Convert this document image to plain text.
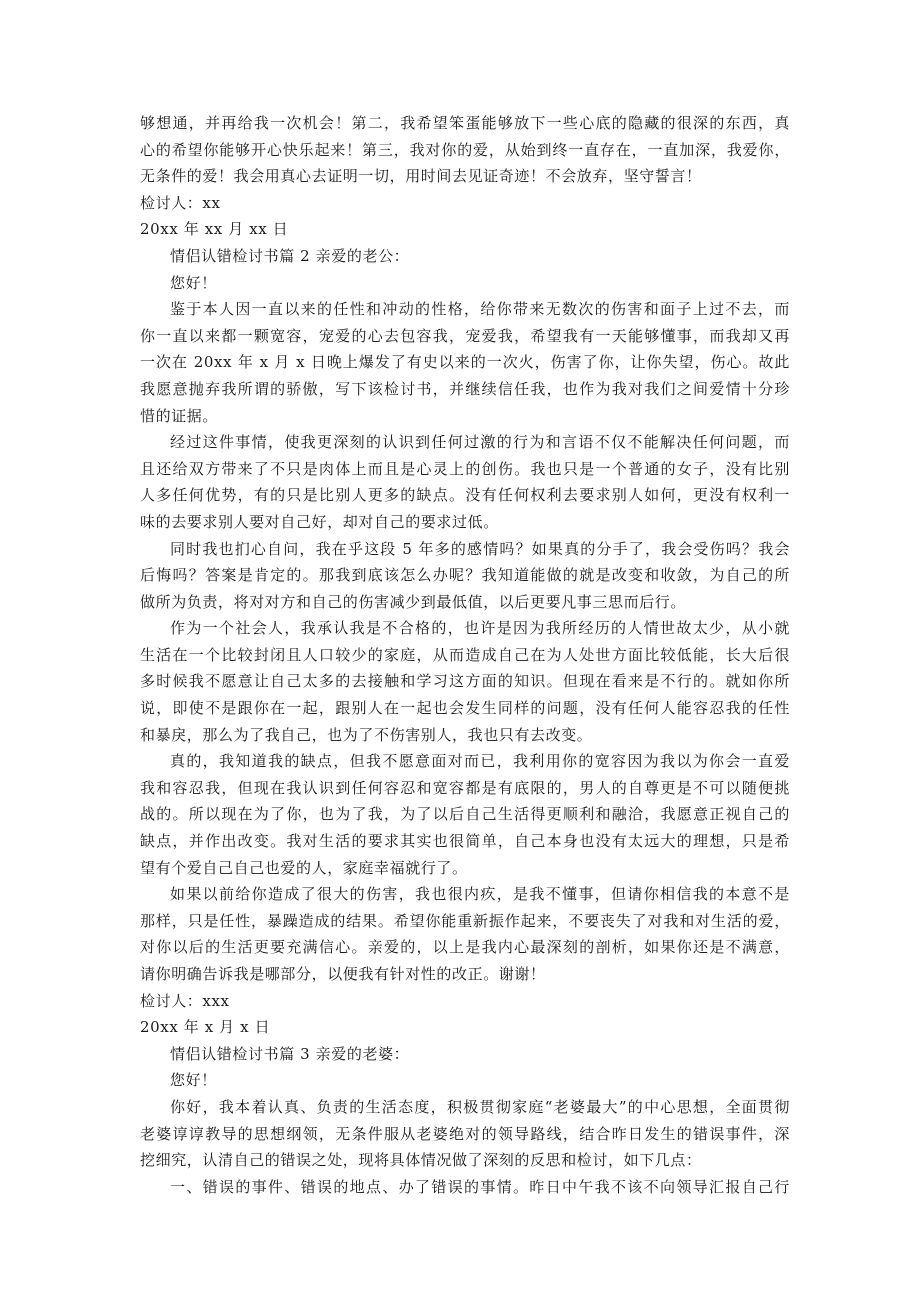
够想通，并再给我一次机会！第二，我希望笨蛋能够放下一些心底的隐藏的很深的东西，真
心的希望你能够开心快乐起来！第三，我对你的爱，从始到终一直存在，一直加深，我爱你，
无条件的爱！我会用真心去证明一切，用时间去见证奇迹！不会放弃，坚守誓言！
检讨人：xx
20xx 年 xx 月 xx 日
情侣认错检讨书篇 2 亲爱的老公：
您好！
鉴于本人因一直以来的任性和冲动的性格，给你带来无数次的伤害和面子上过不去，而
你一直以来都一颗宽容，宠爱的心去包容我，宠爱我，希望我有一天能够懂事，而我却又再
一次在 20xx 年 x 月 x 日晚上爆发了有史以来的一次火，伤害了你，让你失望，伤心。故此
我愿意抛弃我所谓的骄傲，写下该检讨书，并继续信任我，也作为我对我们之间爱情十分珍
惜的证据。
经过这件事情，使我更深刻的认识到任何过激的行为和言语不仅不能解决任何问题，而
且还给双方带来了不只是肉体上而且是心灵上的创伤。我也只是一个普通的女子，没有比别
人多任何优势，有的只是比别人更多的缺点。没有任何权利去要求别人如何，更没有权利一
味的去要求别人要对自己好，却对自己的要求过低。
同时我也扪心自问，我在乎这段 5 年多的感情吗？如果真的分手了，我会受伤吗？我会
后悔吗？答案是肯定的。那我到底该怎么办呢？我知道能做的就是改变和收敛，为自己的所
做所为负责，将对对方和自己的伤害减少到最低值，以后更要凡事三思而后行。
作为一个社会人，我承认我是不合格的，也许是因为我所经历的人情世故太少，从小就
生活在一个比较封闭且人口较少的家庭，从而造成自己在为人处世方面比较低能，长大后很
多时候我不愿意让自己太多的去接触和学习这方面的知识。但现在看来是不行的。就如你所
说，即使不是跟你在一起，跟别人在一起也会发生同样的问题，没有任何人能容忍我的任性
和暴戾，那么为了我自己，也为了不伤害别人，我也只有去改变。
真的，我知道我的缺点，但我不愿意面对而已，我利用你的宽容因为我以为你会一直爱
我和容忍我，但现在我认识到任何容忍和宽容都是有底限的，男人的自尊更是不可以随便挑
战的。所以现在为了你，也为了我，为了以后自己生活得更顺利和融洽，我愿意正视自己的
缺点，并作出改变。我对生活的要求其实也很简单，自己本身也没有太远大的理想，只是希
望有个爱自己自己也爱的人，家庭幸福就行了。
如果以前给你造成了很大的伤害，我也很内疚，是我不懂事，但请你相信我的本意不是
那样，只是任性，暴躁造成的结果。希望你能重新振作起来，不要丧失了对我和对生活的爱，
对你以后的生活更要充满信心。亲爱的，以上是我内心最深刻的剖析，如果你还是不满意，
请你明确告诉我是哪部分，以便我有针对性的改正。谢谢！
检讨人：xxx
20xx 年 x 月 x 日
情侣认错检讨书篇 3 亲爱的老婆：
您好！
你好，我本着认真、负责的生活态度，积极贯彻家庭“老婆最大”的中心思想，全面贯彻
老婆谆谆教导的思想纲领，无条件服从老婆绝对的领导路线，结合昨日发生的错误事件，深
挖细究，认清自己的错误之处，现将具体情况做了深刻的反思和检讨，如下几点：
一、错误的事件、错误的地点、办了错误的事情。昨日中午我不该不向领导汇报自己行
